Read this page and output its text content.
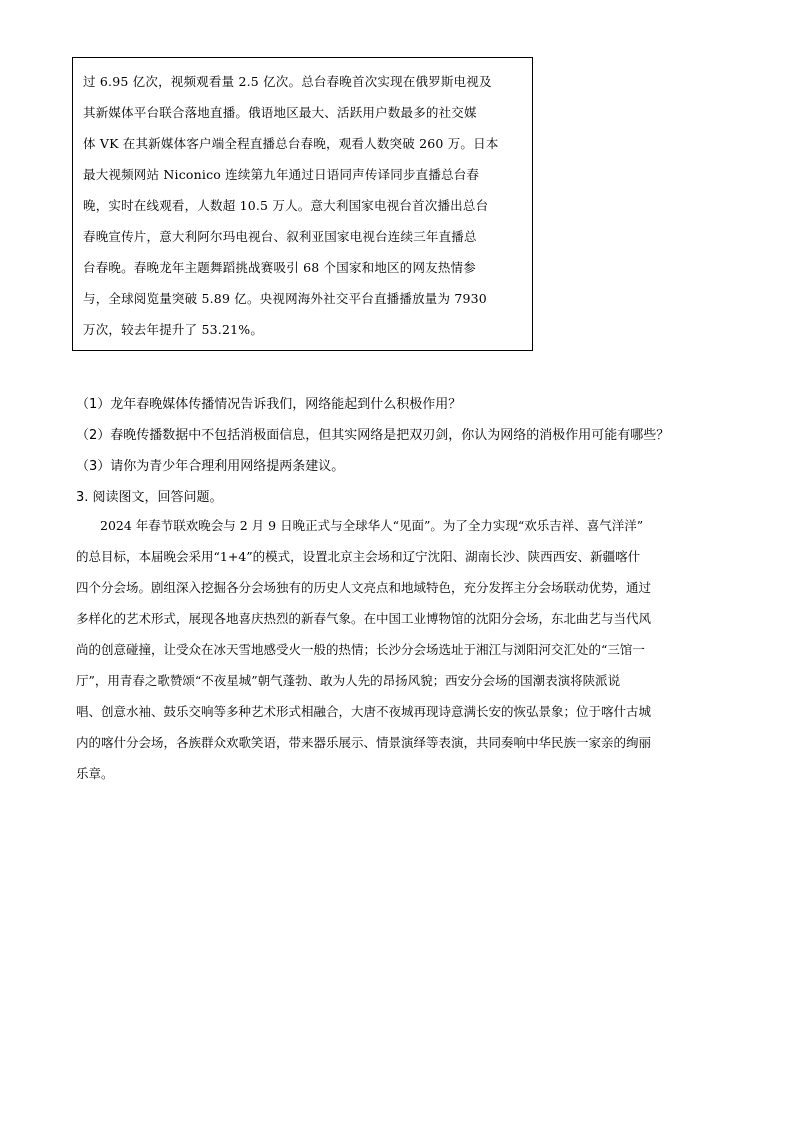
过 6.95 亿次，视频观看量 2.5 亿次。总台春晚首次实现在俄罗斯电视及
其新媒体平台联合落地直播。俄语地区最大、活跃用户数最多的社交媒
体 VK 在其新媒体客户端全程直播总台春晚，观看人数突破 260 万。日本
最大视频网站 Niconico 连续第九年通过日语同声传译同步直播总台春
晚，实时在线观看，人数超 10.5 万人。意大利国家电视台首次播出总台
春晚宣传片，意大利阿尔玛电视台、叙利亚国家电视台连续三年直播总
台春晚。春晚龙年主题舞蹈挑战赛吸引 68 个国家和地区的网友热情参
与，全球阅览量突破 5.89 亿。央视网海外社交平台直播播放量为 7930
万次，较去年提升了 53.21%。
（1）龙年春晚媒体传播情况告诉我们，网络能起到什么积极作用？
（2）春晚传播数据中不包括消极面信息，但其实网络是把双刃剑，你认为网络的消极作用可能有哪些？
（3）请你为青少年合理利用网络提两条建议。
3. 阅读图文，回答问题。
2024 年春节联欢晚会与 2 月 9 日晚正式与全球华人“见面”。为了全力实现“欢乐吉祥、喜气洋洋”
的总目标，本届晚会采用“1+4”的模式，设置北京主会场和辽宁沈阳、湖南长沙、陕西西安、新疆喀什
四个分会场。剧组深入挖掘各分会场独有的历史人文亮点和地域特色，充分发挥主分会场联动优势，通过
多样化的艺术形式，展现各地喜庆热烈的新春气象。在中国工业博物馆的沈阳分会场，东北曲艺与当代风
尚的创意碰撞，让受众在冰天雪地感受火一般的热情；长沙分会场选址于湘江与浏阳河交汇处的“三馆一
厅”，用青春之歌赞颂“不夜星城”朝气蓬勃、敢为人先的昂扬风貌；西安分会场的国潮表演将陕派说
唱、创意水袖、鼓乐交响等多种艺术形式相融合，大唐不夜城再现诗意满长安的恢弘景象；位于喀什古城
内的喀什分会场，各族群众欢歌笑语，带来器乐展示、情景演绎等表演，共同奏响中华民族一家亲的绚丽
乐章。
